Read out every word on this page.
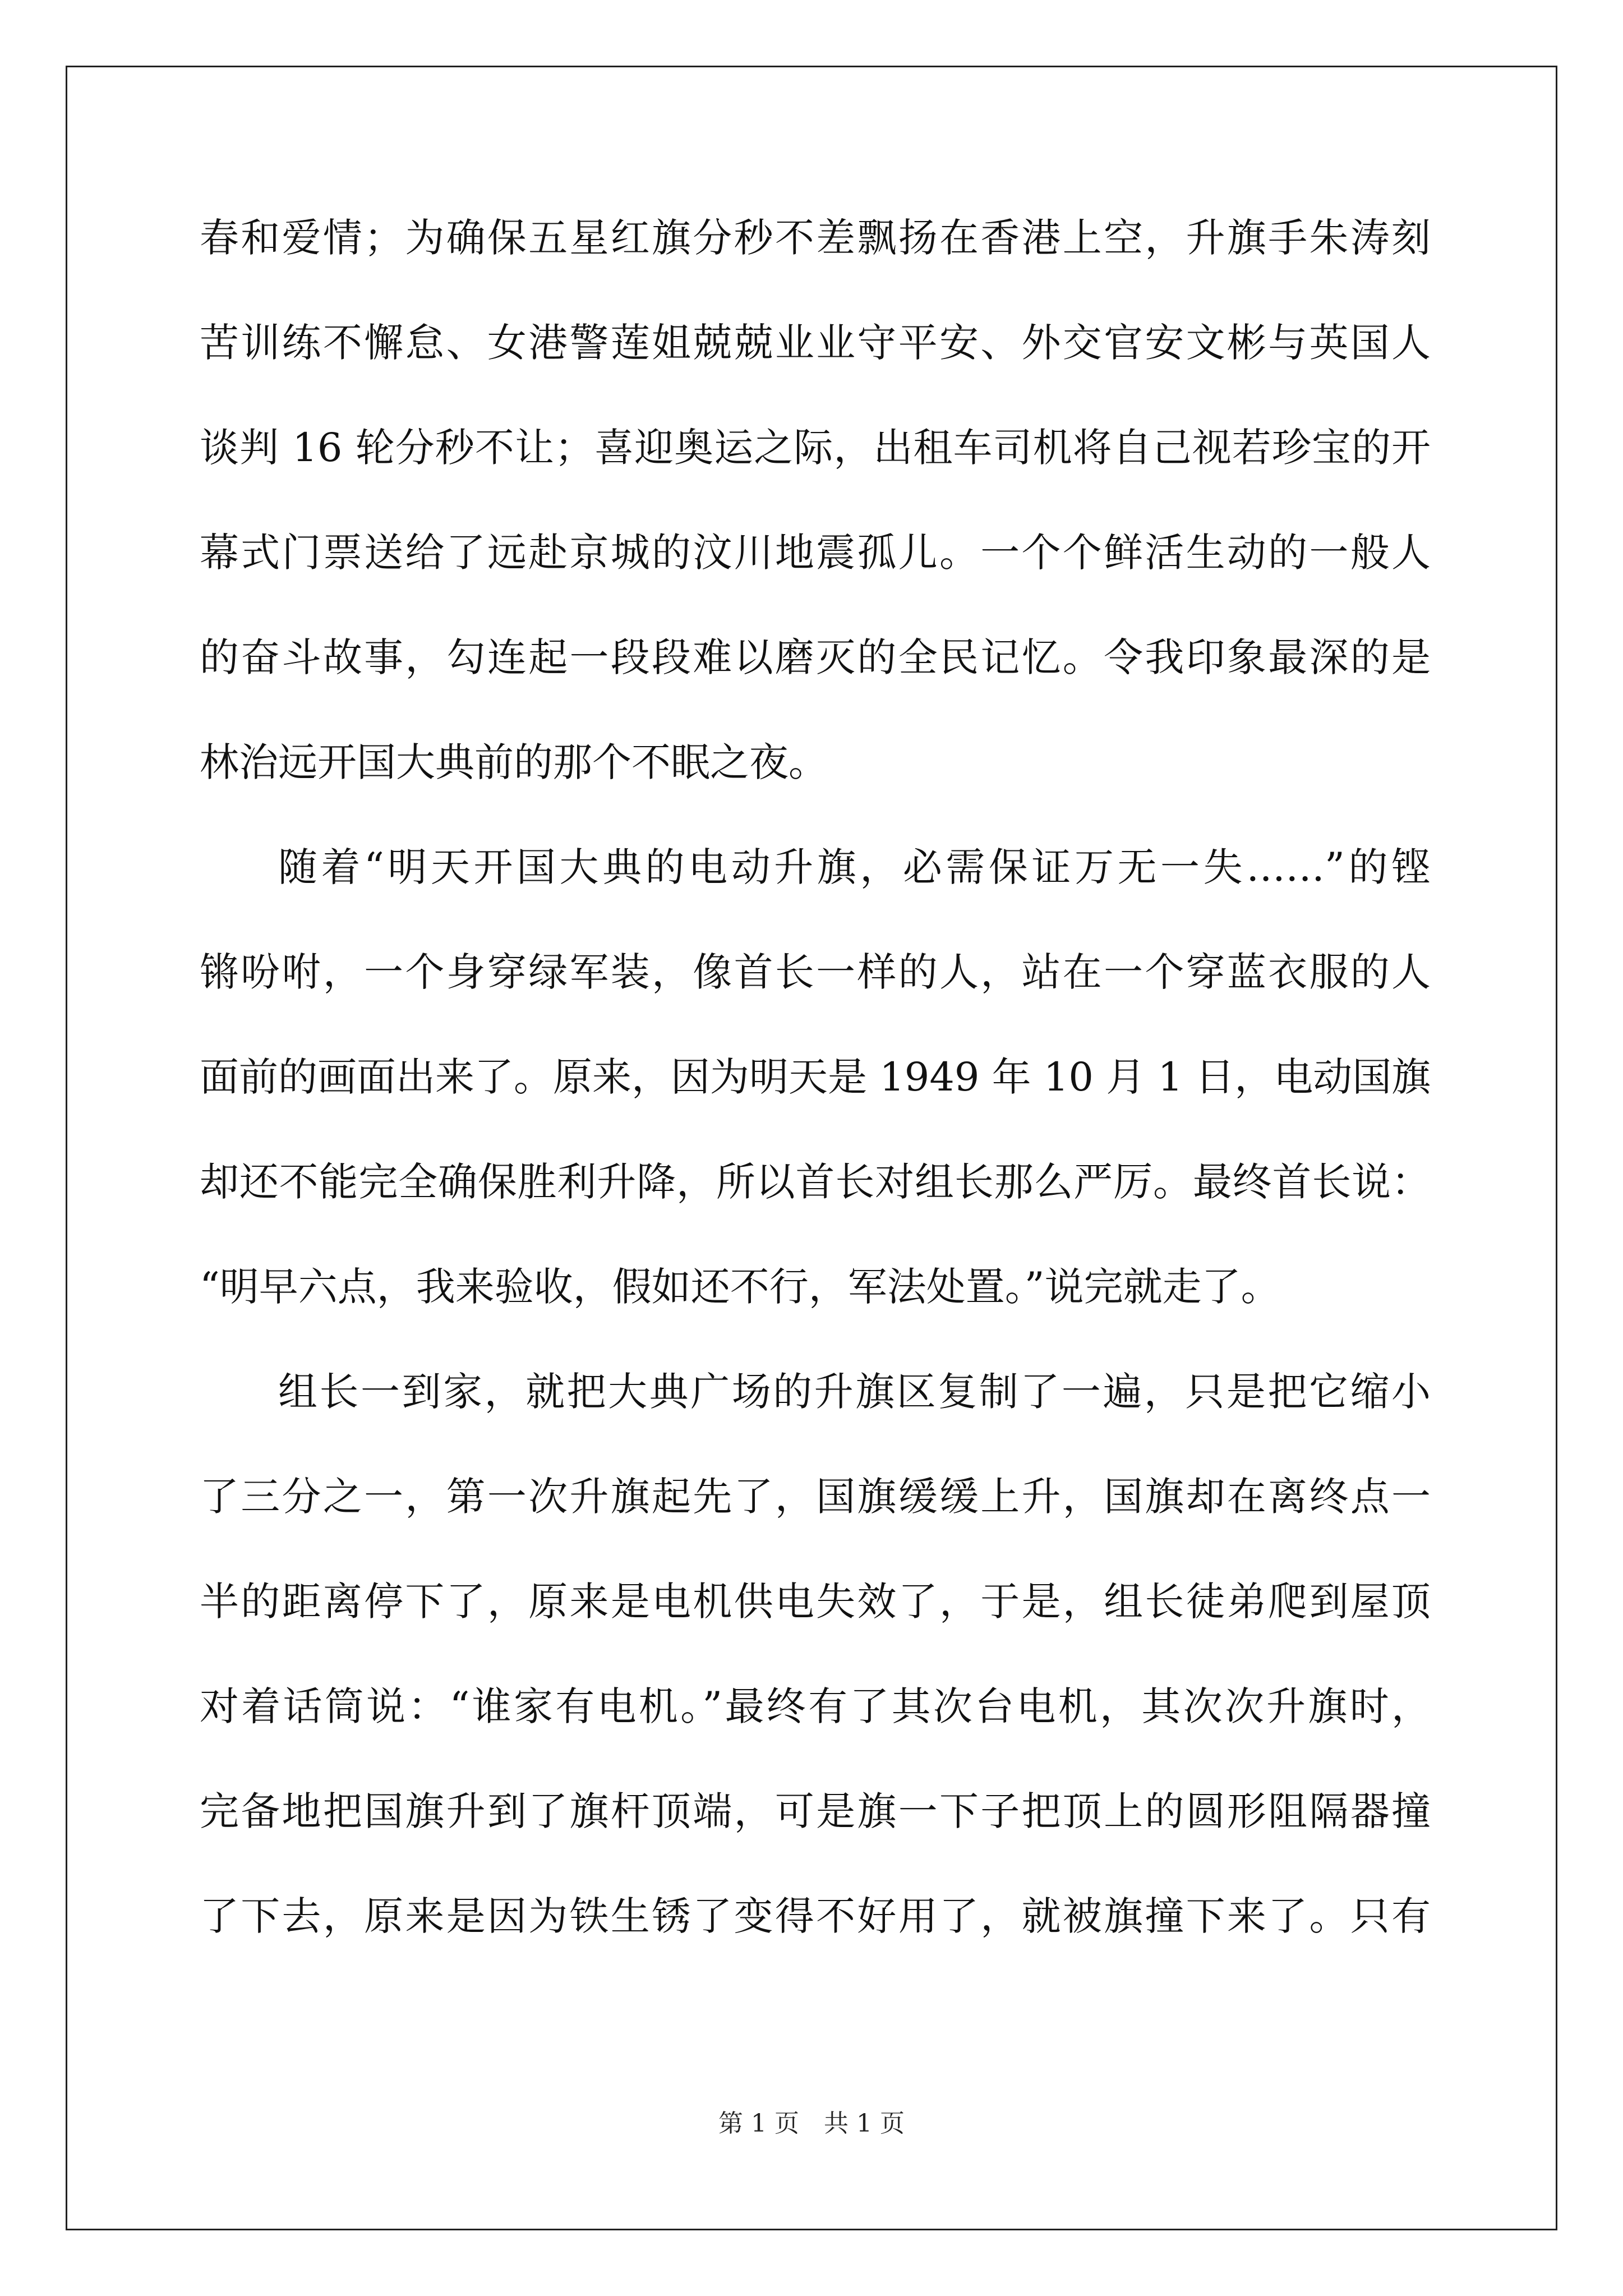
春和爱情；为确保五星红旗分秒不差飘扬在香港上空，升旗手朱涛刻
苦训练不懈怠、女港警莲姐兢兢业业守平安、外交官安文彬与英国人
谈判 16 轮分秒不让；喜迎奥运之际，出租车司机将自己视若珍宝的开
幕式门票送给了远赴京城的汶川地震孤儿。一个个鲜活生动的一般人
的奋斗故事，勾连起一段段难以磨灭的全民记忆。令我印象最深的是
林治远开国大典前的那个不眠之夜。
随着“明天开国大典的电动升旗，必需保证万无一失……”的铿
锵吩咐，一个身穿绿军装，像首长一样的人，站在一个穿蓝衣服的人
面前的画面出来了。原来，因为明天是 1949 年 10 月 1 日，电动国旗
却还不能完全确保胜利升降，所以首长对组长那么严厉。最终首长说：
“明早六点，我来验收，假如还不行，军法处置。”说完就走了。
组长一到家，就把大典广场的升旗区复制了一遍，只是把它缩小
了三分之一，第一次升旗起先了，国旗缓缓上升，国旗却在离终点一
半的距离停下了，原来是电机供电失效了，于是，组长徒弟爬到屋顶
对着话筒说：“谁家有电机。”最终有了其次台电机，其次次升旗时，
完备地把国旗升到了旗杆顶端，可是旗一下子把顶上的圆形阻隔器撞
了下去，原来是因为铁生锈了变得不好用了，就被旗撞下来了。只有
第 1 页 共 1 页
